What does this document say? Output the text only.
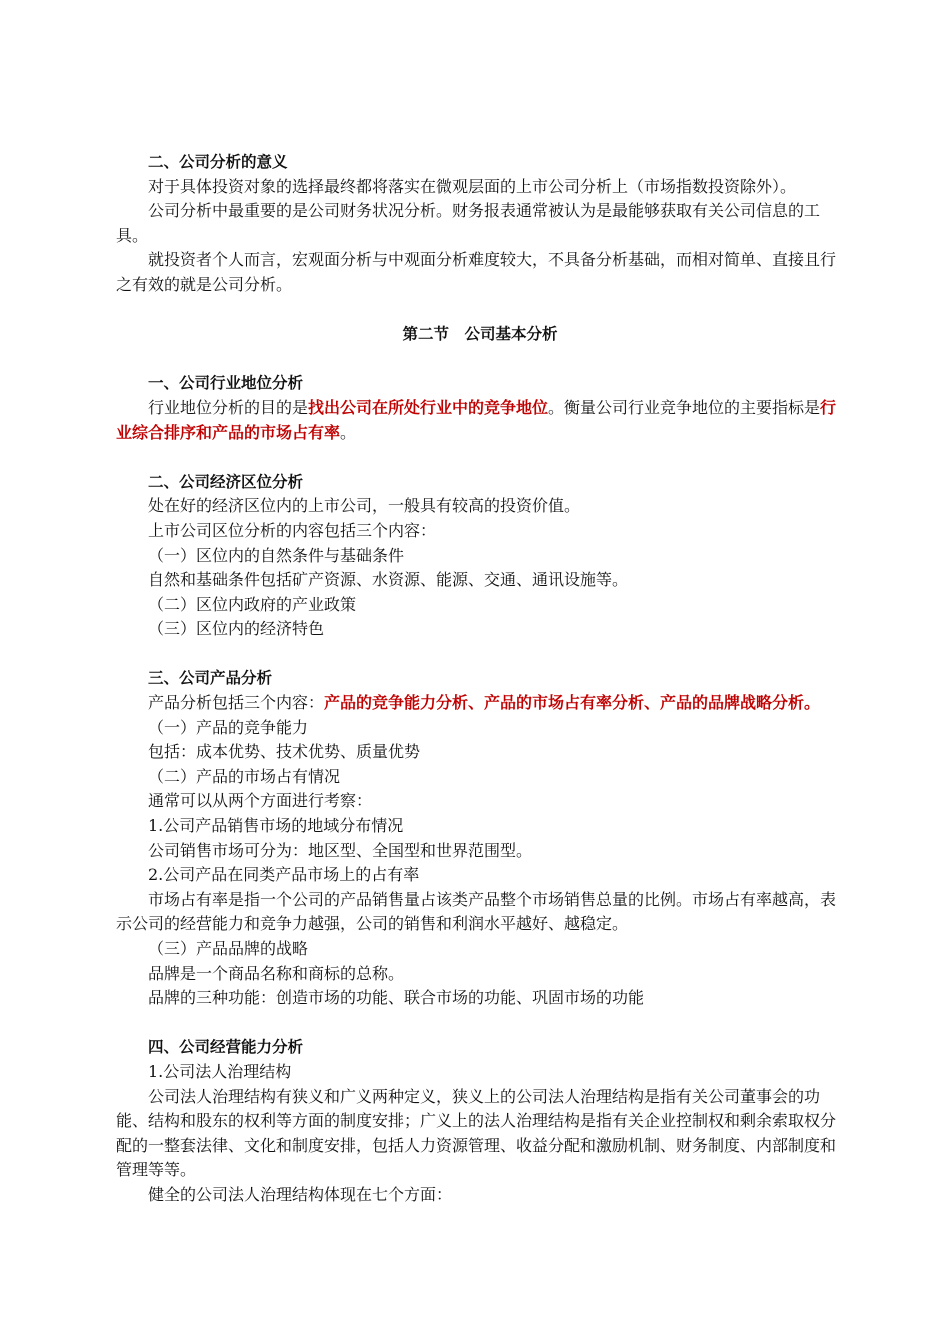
二、公司分析的意义

对于具体投资对象的选择最终都将落实在微观层面的上市公司分析上（市场指数投资除外）。

公司分析中最重要的是公司财务状况分析。财务报表通常被认为是最能够获取有关公司信息的工具。

就投资者个人而言，宏观面分析与中观面分析难度较大，不具备分析基础，而相对简单、直接且行之有效的就是公司分析。

第二节　公司基本分析

一、公司行业地位分析

行业地位分析的目的是找出公司在所处行业中的竞争地位。衡量公司行业竞争地位的主要指标是行业综合排序和产品的市场占有率。

二、公司经济区位分析

处在好的经济区位内的上市公司，一般具有较高的投资价值。

上市公司区位分析的内容包括三个内容：

（一）区位内的自然条件与基础条件

自然和基础条件包括矿产资源、水资源、能源、交通、通讯设施等。

（二）区位内政府的产业政策

（三）区位内的经济特色

三、公司产品分析

产品分析包括三个内容：产品的竞争能力分析、产品的市场占有率分析、产品的品牌战略分析。

（一）产品的竞争能力

包括：成本优势、技术优势、质量优势

（二）产品的市场占有情况

通常可以从两个方面进行考察：

1.公司产品销售市场的地域分布情况

公司销售市场可分为：地区型、全国型和世界范围型。

2.公司产品在同类产品市场上的占有率

市场占有率是指一个公司的产品销售量占该类产品整个市场销售总量的比例。市场占有率越高，表示公司的经营能力和竞争力越强，公司的销售和利润水平越好、越稳定。

（三）产品品牌的战略

品牌是一个商品名称和商标的总称。

品牌的三种功能：创造市场的功能、联合市场的功能、巩固市场的功能

四、公司经营能力分析

1.公司法人治理结构

公司法人治理结构有狭义和广义两种定义，狭义上的公司法人治理结构是指有关公司董事会的功能、结构和股东的权利等方面的制度安排；广义上的法人治理结构是指有关企业控制权和剩余索取权分配的一整套法律、文化和制度安排，包括人力资源管理、收益分配和激励机制、财务制度、内部制度和管理等等。

健全的公司法人治理结构体现在七个方面：
